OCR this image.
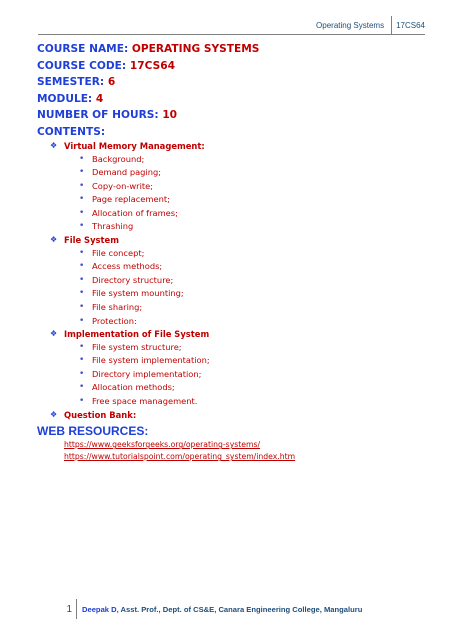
Operating Systems	17CS64
COURSE NAME: OPERATING SYSTEMS
COURSE CODE: 17CS64
SEMESTER: 6
MODULE: 4
NUMBER OF HOURS: 10
CONTENTS:
❖ Virtual Memory Management:
• Background;
• Demand paging;
• Copy-on-write;
• Page replacement;
• Allocation of frames;
• Thrashing
❖ File System
• File concept;
• Access methods;
• Directory structure;
• File system mounting;
• File sharing;
• Protection:
❖ Implementation of File System
• File system structure;
• File system implementation;
• Directory implementation;
• Allocation methods;
• Free space management.
❖ Question Bank:
WEB RESOURCES:
https://www.geeksforgeeks.org/operating-systems/
https://www.tutorialspoint.com/operating_system/index.htm
1 Deepak D, Asst. Prof., Dept. of CS&E, Canara Engineering College, Mangaluru
